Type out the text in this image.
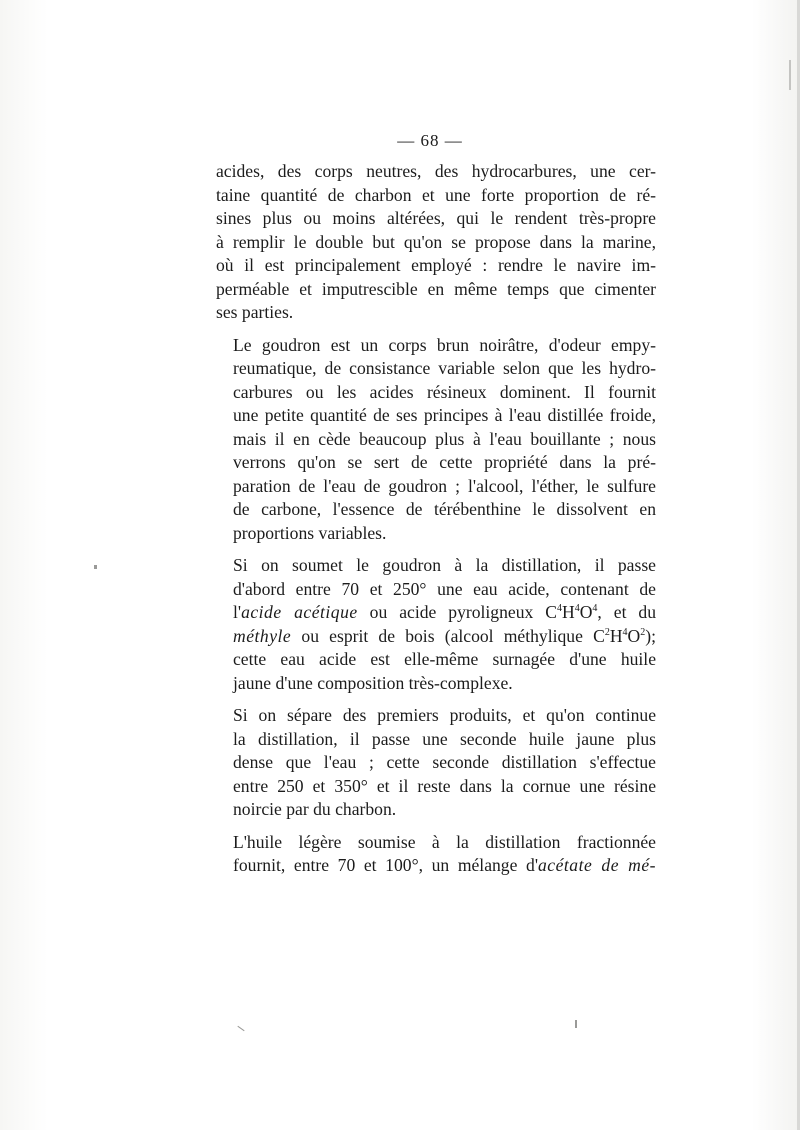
— 68 —

acides, des corps neutres, des hydrocarbures, une cer-
taine quantité de charbon et une forte proportion de ré-
sines plus ou moins altérées, qui le rendent très-propre
à remplir le double but qu'on se propose dans la marine,
où il est principalement employé : rendre le navire im-
perméable et imputrescible en même temps que cimenter
ses parties.

Le goudron est un corps brun noirâtre, d'odeur empy-
reumatique, de consistance variable selon que les hydro-
carbures ou les acides résineux dominent. Il fournit
une petite quantité de ses principes à l'eau distillée froide,
mais il en cède beaucoup plus à l'eau bouillante ; nous
verrons qu'on se sert de cette propriété dans la pré-
paration de l'eau de goudron ; l'alcool, l'éther, le sulfure
de carbone, l'essence de térébenthine le dissolvent en
proportions variables.

Si on soumet le goudron à la distillation, il passe
d'abord entre 70 et 250° une eau acide, contenant de
l'acide acétique ou acide pyroligneux $C^4H^4O^4$, et du
méthyle ou esprit de bois (alcool méthylique $C^2H^4O^2$);
cette eau acide est elle-même surnagée d'une huile
jaune d'une composition très-complexe.

Si on sépare des premiers produits, et qu'on continue
la distillation, il passe une seconde huile jaune plus
dense que l'eau ; cette seconde distillation s'effectue
entre 250 et 350° et il reste dans la cornue une résine
noircie par du charbon.

L'huile légère soumise à la distillation fractionnée
fournit, entre 70 et 100°, un mélange d'acétate de mé-
